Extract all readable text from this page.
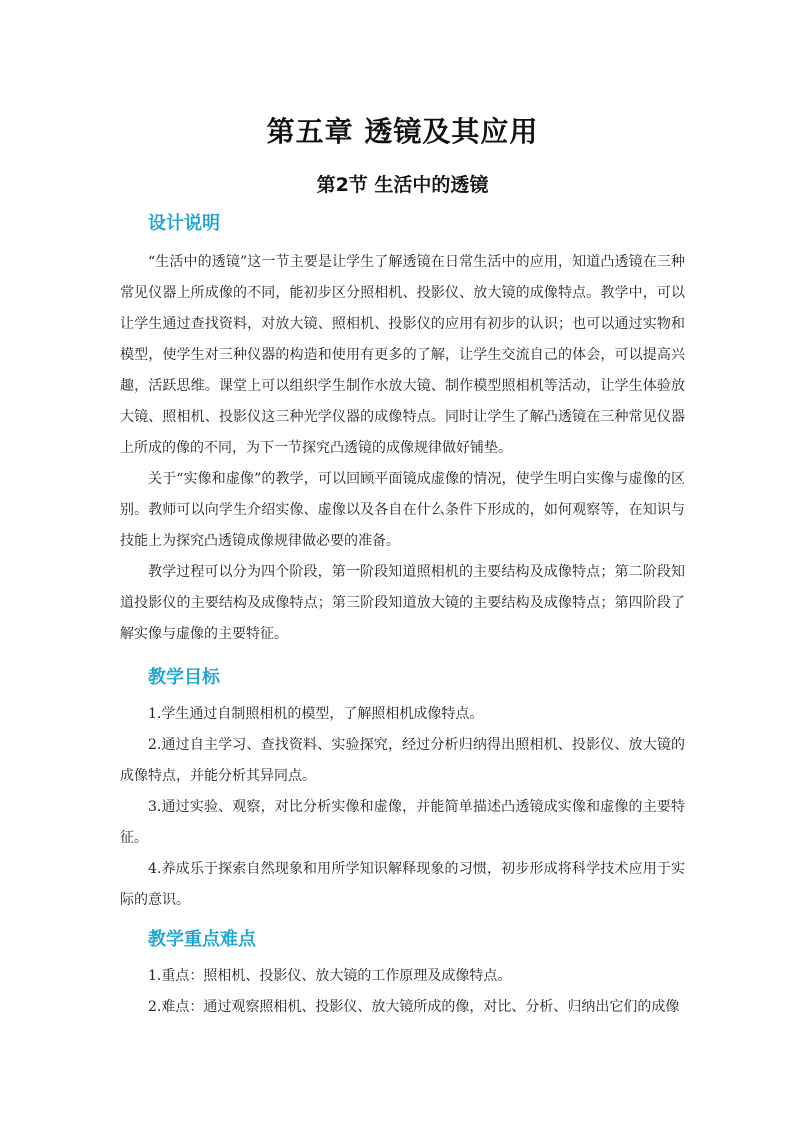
第五章 透镜及其应用
第2节 生活中的透镜
设计说明

“生活中的透镜”这一节主要是让学生了解透镜在日常生活中的应用，知道凸透镜在三种常见仪器上所成像的不同，能初步区分照相机、投影仪、放大镜的成像特点。教学中，可以让学生通过查找资料，对放大镜、照相机、投影仪的应用有初步的认识；也可以通过实物和模型，使学生对三种仪器的构造和使用有更多的了解，让学生交流自己的体会，可以提高兴趣，活跃思维。课堂上可以组织学生制作水放大镜、制作模型照相机等活动，让学生体验放大镜、照相机、投影仪这三种光学仪器的成像特点。同时让学生了解凸透镜在三种常见仪器上所成的像的不同，为下一节探究凸透镜的成像规律做好铺垫。

关于“实像和虚像”的教学，可以回顾平面镜成虚像的情况，使学生明白实像与虚像的区别。教师可以向学生介绍实像、虚像以及各自在什么条件下形成的，如何观察等，在知识与技能上为探究凸透镜成像规律做必要的准备。

教学过程可以分为四个阶段，第一阶段知道照相机的主要结构及成像特点；第二阶段知道投影仪的主要结构及成像特点；第三阶段知道放大镜的主要结构及成像特点；第四阶段了解实像与虚像的主要特征。

教学目标

1.学生通过自制照相机的模型，了解照相机成像特点。

2.通过自主学习、查找资料、实验探究，经过分析归纳得出照相机、投影仪、放大镜的成像特点，并能分析其异同点。

3.通过实验、观察，对比分析实像和虚像，并能简单描述凸透镜成实像和虚像的主要特征。

4.养成乐于探索自然现象和用所学知识解释现象的习惯，初步形成将科学技术应用于实际的意识。

教学重点难点

1.重点：照相机、投影仪、放大镜的工作原理及成像特点。

2.难点：通过观察照相机、投影仪、放大镜所成的像，对比、分析、归纳出它们的成像
